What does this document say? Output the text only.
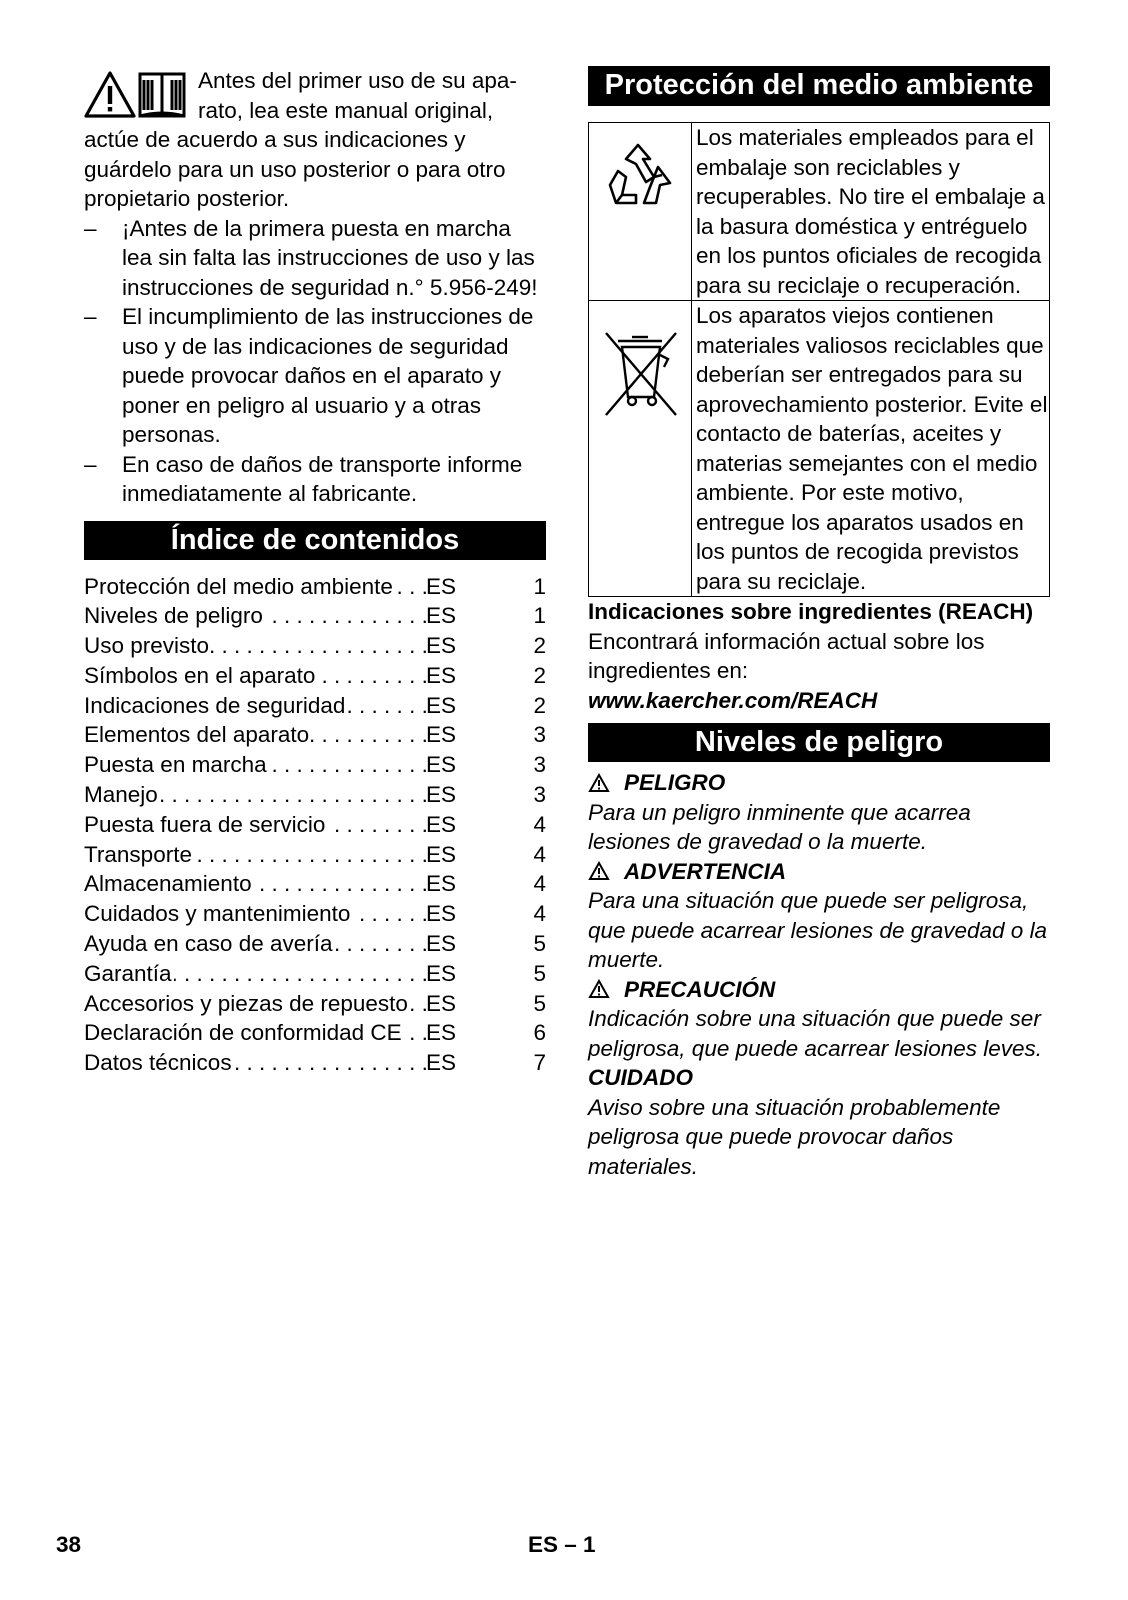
Antes del primer uso de su apa-

rato, lea este manual original,

actúe de acuerdo a sus indicaciones y guárdelo para un uso posterior o para otro propietario posterior.

– ¡Antes de la primera puesta en marcha lea sin falta las instrucciones de uso y las instrucciones de seguridad n.° 5.956-249!
– El incumplimiento de las instrucciones de uso y de las indicaciones de seguridad puede provocar daños en el aparato y poner en peligro al usuario y a otras personas.
– En caso de daños de transporte informe inmediatamente al fabricante.
Índice de contenidos
Protección del medio ambiente . . .	ES	1

Niveles de peligro . . .	ES	1

Uso previsto . . .	ES	2

Símbolos en el aparato . . .	ES	2

Indicaciones de seguridad . . .	ES	2

Elementos del aparato . . .	ES	3

Puesta en marcha . . .	ES	3

Manejo . . .	ES	3

Puesta fuera de servicio . . .	ES	4

Transporte . . .	ES	4

Almacenamiento . . .	ES	4

Cuidados y mantenimiento . . .	ES	4

Ayuda en caso de avería . . .	ES	5

Garantía . . .	ES	5

Accesorios y piezas de repuesto . . .	ES	5

Declaración de conformidad CE . . .	ES	6

Datos técnicos . . .	ES	7
Protección del medio ambiente
	Los materiales empleados para el embalaje son reciclables y recuperables. No tire el embalaje a la basura doméstica y entréguelo en los puntos oficiales de recogida para su reciclaje o recuperación.
	Los aparatos viejos contienen materiales valiosos reciclables que deberían ser entregados para su aprovechamiento posterior. Evite el contacto de baterías, aceites y materias semejantes con el medio ambiente. Por este motivo, entregue los aparatos usados en los puntos de recogida previstos para su reciclaje.
Indicaciones sobre ingredientes (REACH)

Encontrará información actual sobre los ingredientes en:

www.kaercher.com/REACH

Niveles de peligro
PELIGRO

Para un peligro inminente que acarrea lesiones de gravedad o la muerte.

ADVERTENCIA

Para una situación que puede ser peligrosa, que puede acarrear lesiones de gravedad o la muerte.

PRECAUCIÓN

Indicación sobre una situación que puede ser peligrosa, que puede acarrear lesiones leves.

CUIDADO

Aviso sobre una situación probablemente peligrosa que puede provocar daños materiales.

38	ES – 1
